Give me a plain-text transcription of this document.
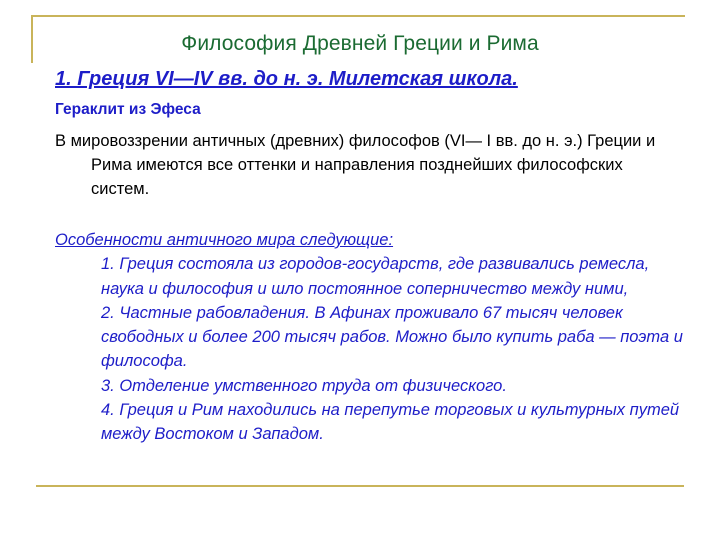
Философия Древней Греции и Рима
1. Греция VI—IV вв. до н. э. Милетская школа.
Гераклит из Эфеса

В мировоззрении античных (древних) философов (VI— I вв. до н. э.) Греции и Рима имеются все оттенки и направления позднейших философских систем.

Особенности античного мира следующие:
1. Греция состояла из городов-государств, где развивались ремесла, наука и философия и шло постоянное соперничество между ними,
2. Частные рабовладения. В Афинах проживало 67 тысяч человек свободных и более 200 тысяч рабов. Можно было купить раба — поэта и философа.
3. Отделение умственного труда от физического.
4. Греция и Рим находились на перепутье торговых и культурных путей между Востоком и Западом.
